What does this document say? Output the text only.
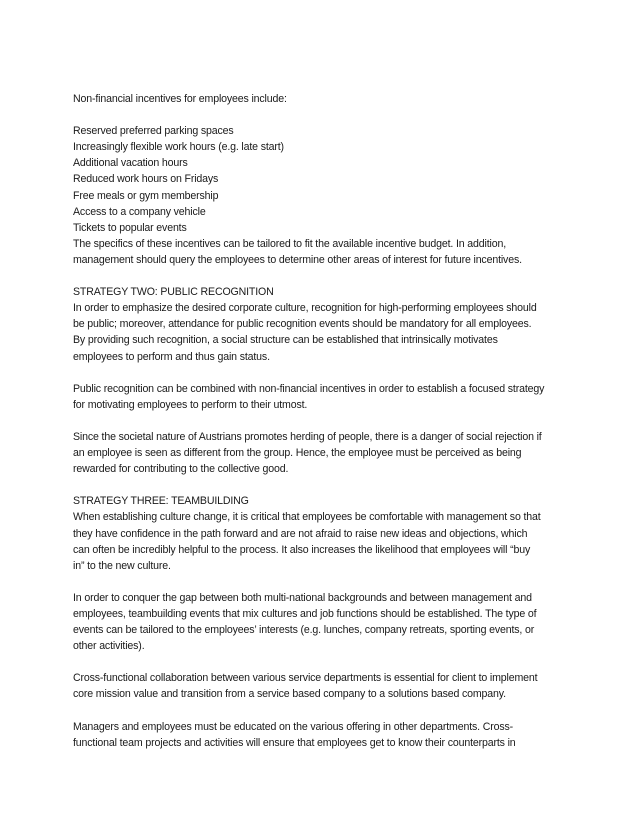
Non-financial incentives for employees include:
Reserved preferred parking spaces
Increasingly flexible work hours (e.g. late start)
Additional vacation hours
Reduced work hours on Fridays
Free meals or gym membership
Access to a company vehicle
Tickets to popular events
The specifics of these incentives can be tailored to fit the available incentive budget. In addition,
management should query the employees to determine other areas of interest for future incentives.
STRATEGY TWO: PUBLIC RECOGNITION
In order to emphasize the desired corporate culture, recognition for high-performing employees should
be public; moreover, attendance for public recognition events should be mandatory for all employees.
By providing such recognition, a social structure can be established that intrinsically motivates
employees to perform and thus gain status.
Public recognition can be combined with non-financial incentives in order to establish a focused strategy
for motivating employees to perform to their utmost.
Since the societal nature of Austrians promotes herding of people, there is a danger of social rejection if
an employee is seen as different from the group. Hence, the employee must be perceived as being
rewarded for contributing to the collective good.
STRATEGY THREE: TEAMBUILDING
When establishing culture change, it is critical that employees be comfortable with management so that
they have confidence in the path forward and are not afraid to raise new ideas and objections, which
can often be incredibly helpful to the process. It also increases the likelihood that employees will “buy
in” to the new culture.
In order to conquer the gap between both multi-national backgrounds and between management and
employees, teambuilding events that mix cultures and job functions should be established. The type of
events can be tailored to the employees’ interests (e.g. lunches, company retreats, sporting events, or
other activities).
Cross-functional collaboration between various service departments is essential for client to implement
core mission value and transition from a service based company to a solutions based company.
Managers and employees must be educated on the various offering in other departments. Cross-
functional team projects and activities will ensure that employees get to know their counterparts in
